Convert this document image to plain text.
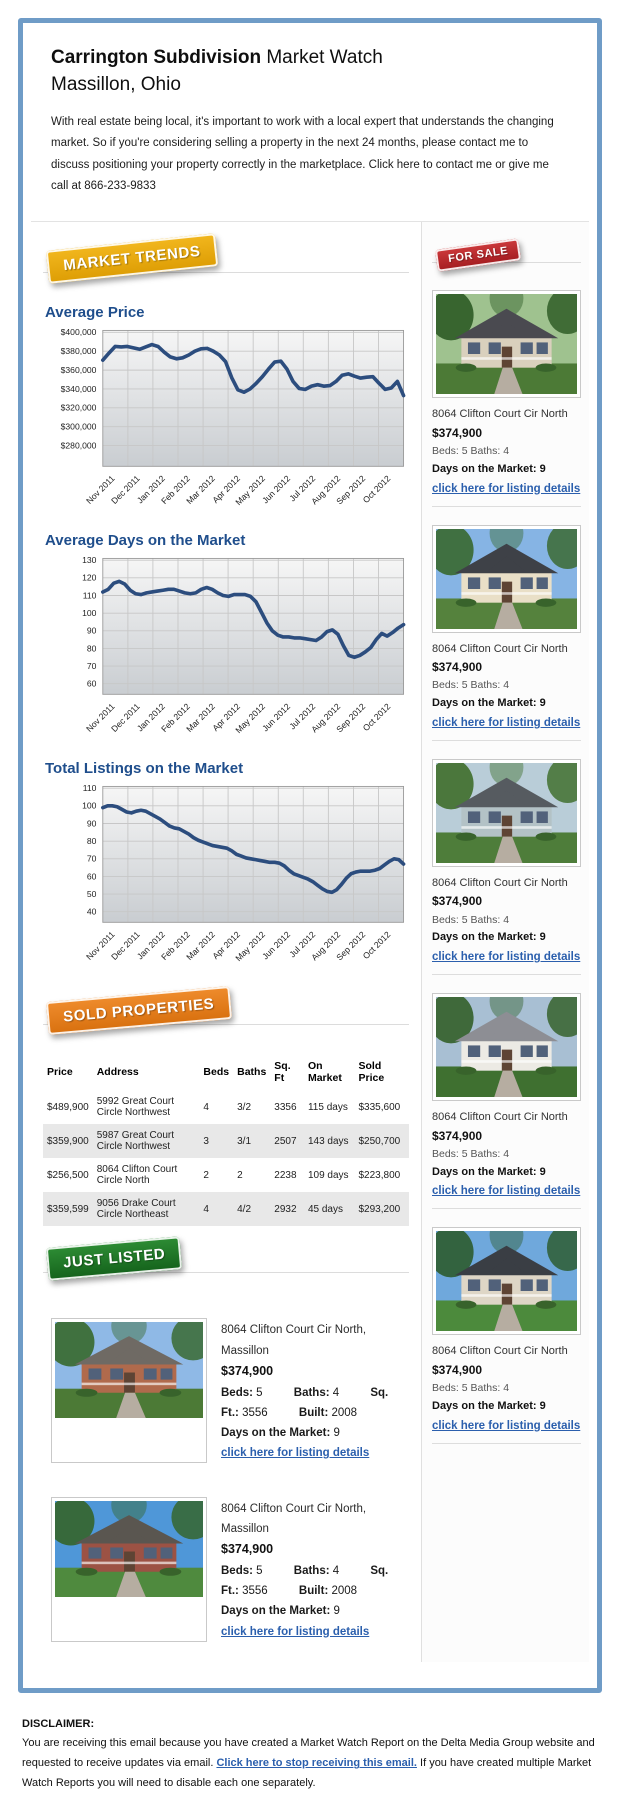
Carrington Subdivision Market Watch
Massillon, Ohio

With real estate being local, it's important to work with a local expert that understands the changing market. So if you're considering selling a property in the next 24 months, please contact me to discuss positioning your property correctly in the marketplace. Click here to contact me or give me call at 866-233-9833

MARKET TRENDS
Average Price
$400,000
$380,000
$360,000
$340,000
$320,000
$300,000
$280,000
Nov 2011
Dec 2011
Jan 2012
Feb 2012
Mar 2012
Apr 2012
May 2012
Jun 2012
Jul 2012
Aug 2012
Sep 2012
Oct 2012
Average Days on the Market
130
120
110
100
90
80
70
60
Nov 2011
Dec 2011
Jan 2012
Feb 2012
Mar 2012
Apr 2012
May 2012
Jun 2012
Jul 2012
Aug 2012
Sep 2012
Oct 2012
Total Listings on the Market
110
100
90
80
70
60
50
40
Nov 2011
Dec 2011
Jan 2012
Feb 2012
Mar 2012
Apr 2012
May 2012
Jun 2012
Jul 2012
Aug 2012
Sep 2012
Oct 2012
SOLD PROPERTIES
Price	Address	Beds	Baths	Sq. Ft	On Market	Sold Price
$489,900	5992 Great Court Circle Northwest	4	3/2	3356	115 days	$335,600
$359,900	5987 Great Court Circle Northwest	3	3/1	2507	143 days	$250,700
$256,500	8064 Clifton Court Circle North	2	2	2238	109 days	$223,800
$359,599	9056 Drake Court Circle Northeast	4	4/2	2932	45 days	$293,200
JUST LISTED
8064 Clifton Court Cir North, Massillon
$374,900
Beds: 5	Baths: 4	Sq. Ft.: 3556	Built: 2008
Days on the Market: 9
click here for listing details
8064 Clifton Court Cir North, Massillon
$374,900
Beds: 5	Baths: 4	Sq. Ft.: 3556	Built: 2008
Days on the Market: 9
click here for listing details
FOR SALE
8064 Clifton Court Cir North
$374,900
Beds: 5 Baths: 4
Days on the Market: 9
click here for listing details
8064 Clifton Court Cir North
$374,900
Beds: 5 Baths: 4
Days on the Market: 9
click here for listing details
8064 Clifton Court Cir North
$374,900
Beds: 5 Baths: 4
Days on the Market: 9
click here for listing details
8064 Clifton Court Cir North
$374,900
Beds: 5 Baths: 4
Days on the Market: 9
click here for listing details
8064 Clifton Court Cir North
$374,900
Beds: 5 Baths: 4
Days on the Market: 9
click here for listing details
DISCLAIMER:
You are receiving this email because you have created a Market Watch Report on the Delta Media Group website and requested to receive updates via email. Click here to stop receiving this email. If you have created multiple Market Watch Reports you will need to disable each one separately.
